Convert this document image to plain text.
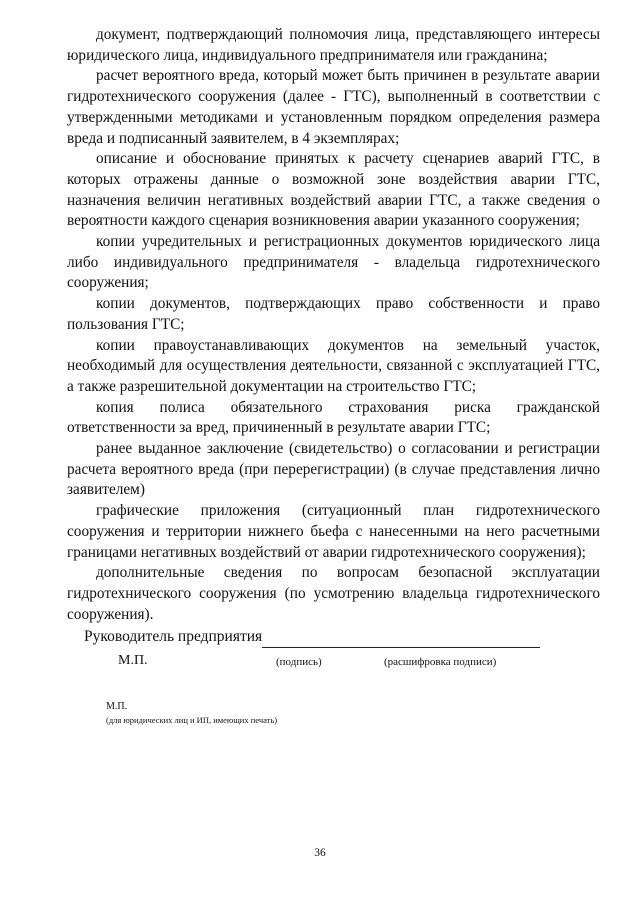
документ, подтверждающий полномочия лица, представляющего интересы юридического лица, индивидуального предпринимателя или гражданина;

расчет вероятного вреда, который может быть причинен в результате аварии гидротехнического сооружения (далее - ГТС), выполненный в соответствии с утвержденными методиками и установленным порядком определения размера вреда и подписанный заявителем, в 4 экземплярах;

описание и обоснование принятых к расчету сценариев аварий ГТС, в которых отражены данные о возможной зоне воздействия аварии ГТС, назначения величин негативных воздействий аварии ГТС, а также сведения о вероятности каждого сценария возникновения аварии указанного сооружения;

копии учредительных и регистрационных документов юридического лица либо индивидуального предпринимателя - владельца гидротехнического сооружения;

копии документов, подтверждающих право собственности и право пользования ГТС;

копии правоустанавливающих документов на земельный участок, необходимый для осуществления деятельности, связанной с эксплуатацией ГТС, а также разрешительной документации на строительство ГТС;

копия полиса обязательного страхования риска гражданской ответственности за вред, причиненный в результате аварии ГТС;

ранее выданное заключение (свидетельство) о согласовании и регистрации расчета вероятного вреда (при перерегистрации) (в случае представления лично заявителем)

графические приложения (ситуационный план гидротехнического сооружения и территории нижнего бьефа с нанесенными на него расчетными границами негативных воздействий от аварии гидротехнического сооружения);

дополнительные сведения по вопросам безопасной эксплуатации гидротехнического сооружения (по усмотрению владельца гидротехнического сооружения).

Руководитель предприятия
М.П.	(подпись)	(расшифровка подписи)
М.П.
(для юридических лиц и ИП, имеющих печать)
36
